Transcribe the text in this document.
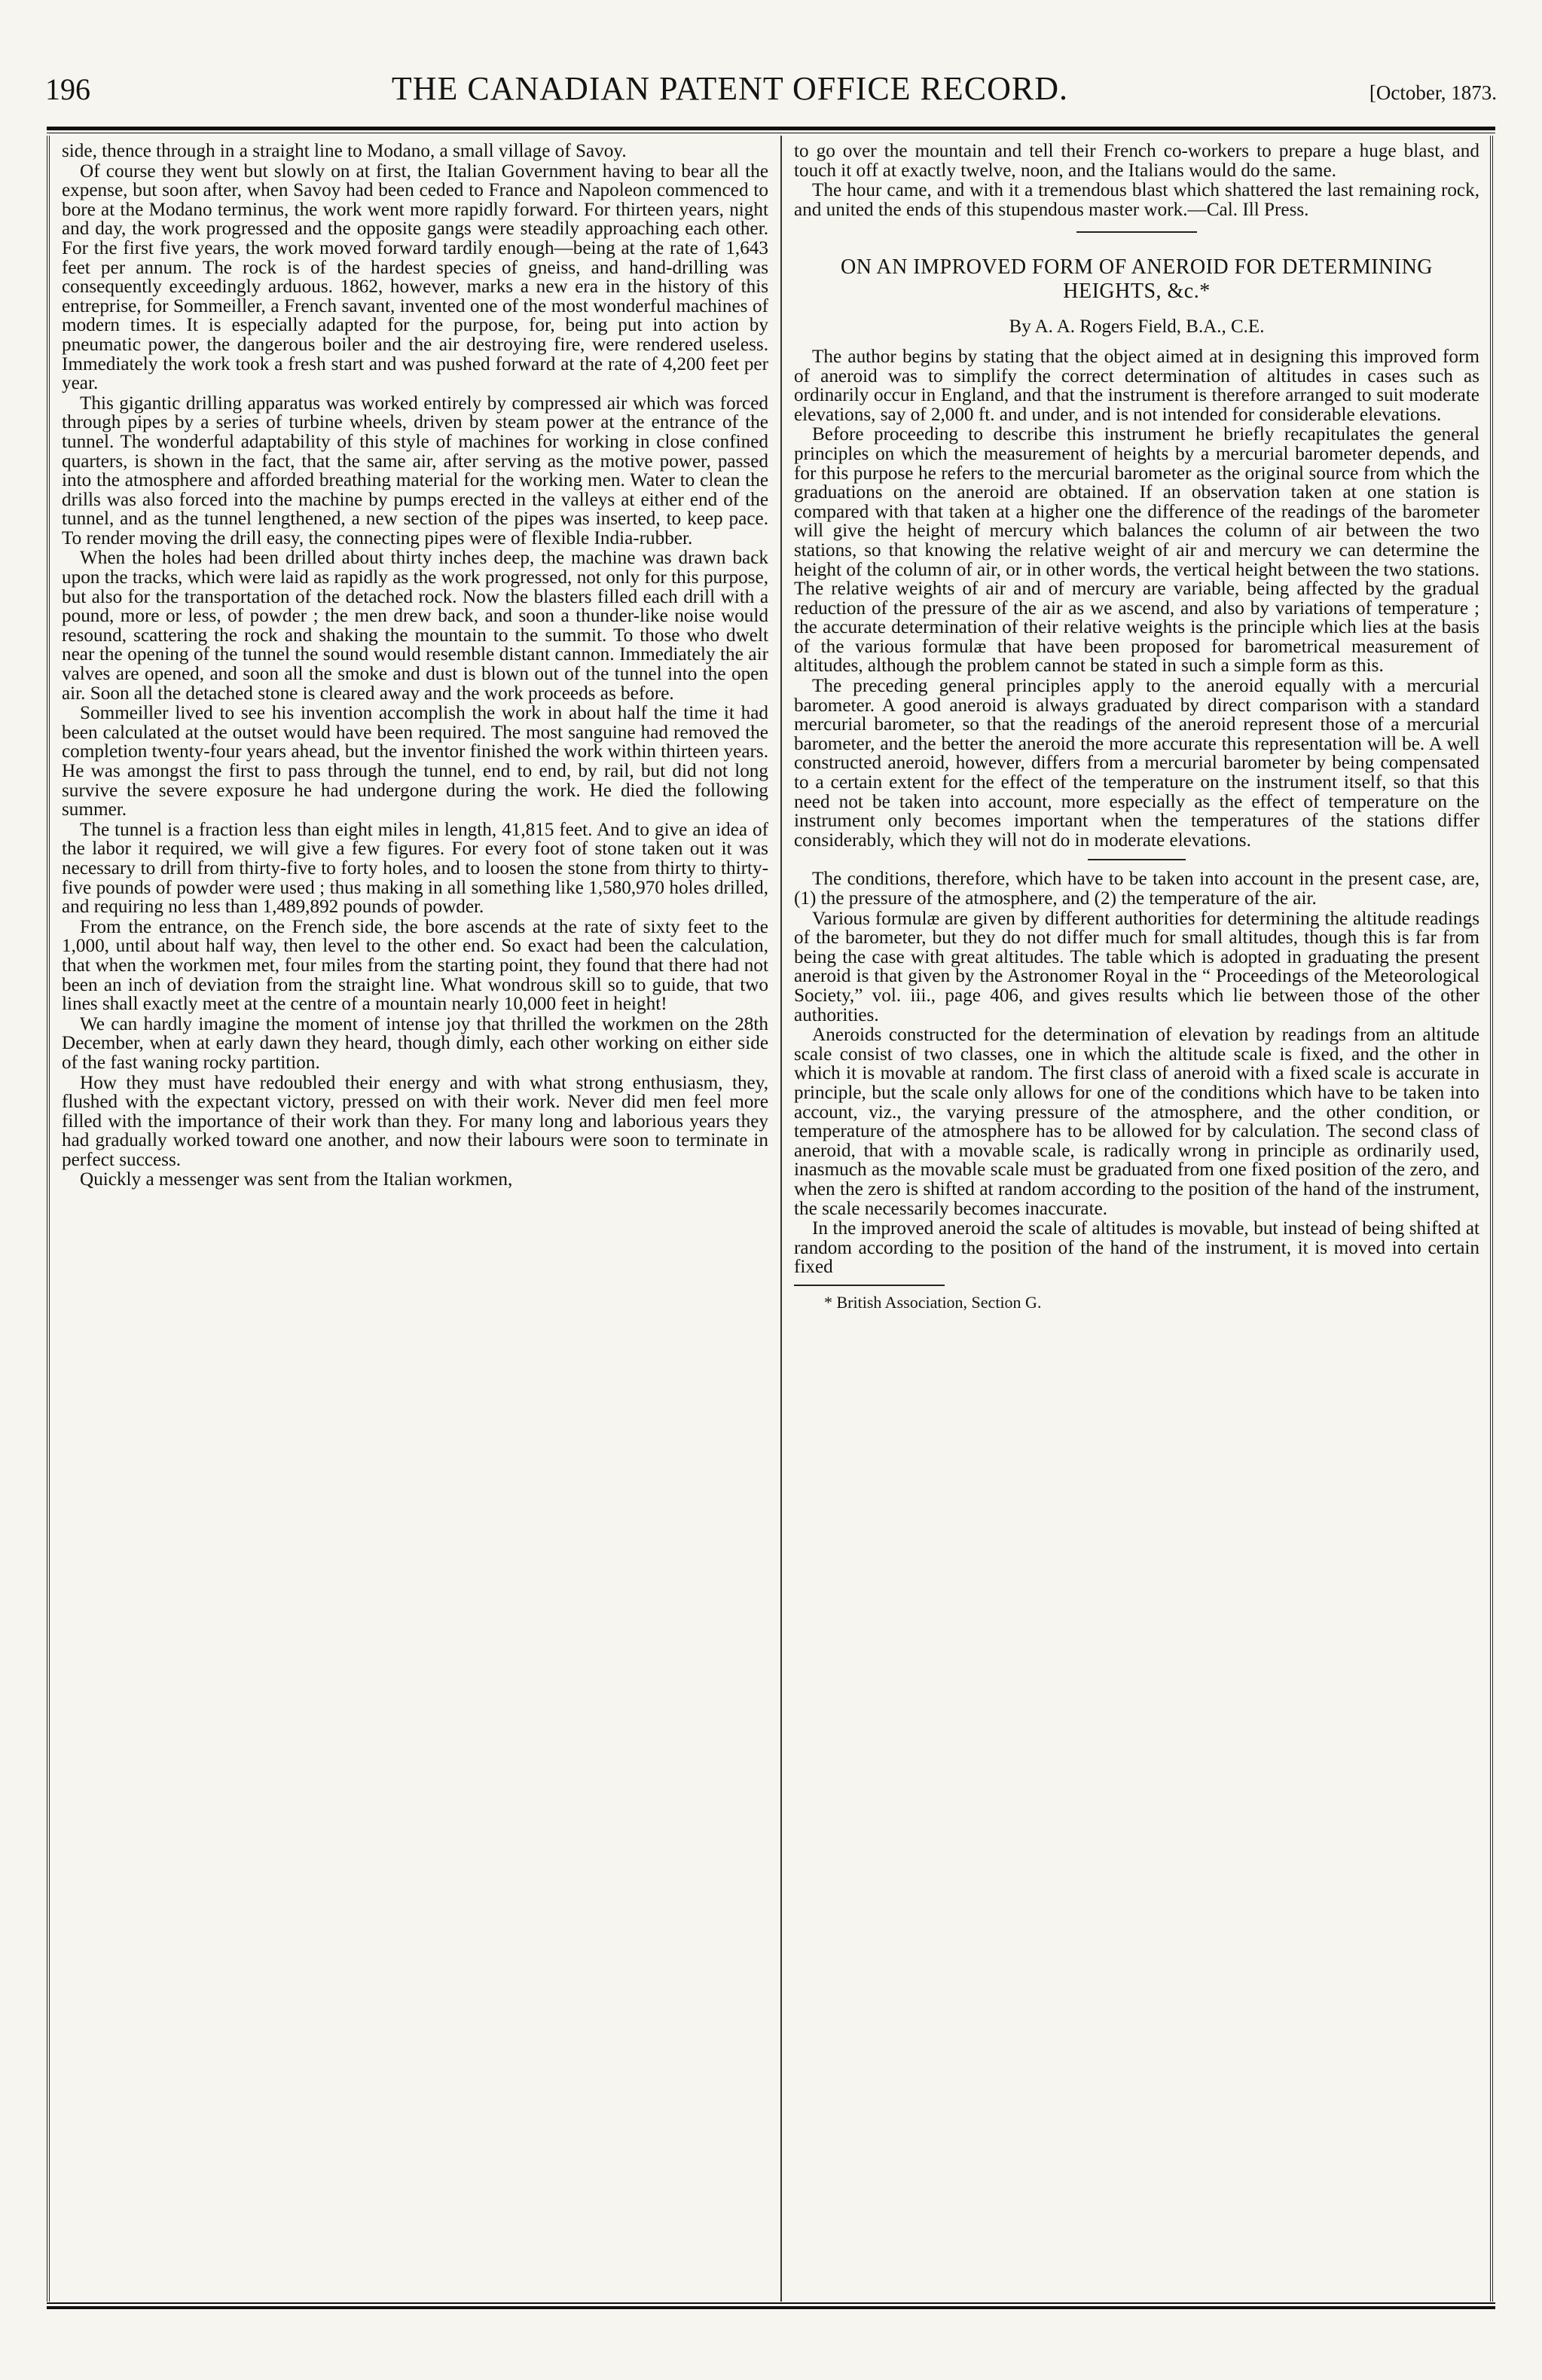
196	THE CANADIAN PATENT OFFICE RECORD.	[October, 1873.

side, thence through in a straight line to Modano, a small village of Savoy.

Of course they went but slowly on at first, the Italian Government having to bear all the expense, but soon after, when Savoy had been ceded to France and Napoleon commenced to bore at the Modano terminus, the work went more rapidly forward. For thirteen years, night and day, the work progressed and the opposite gangs were steadily approaching each other. For the first five years, the work moved forward tardily enough—being at the rate of 1,643 feet per annum. The rock is of the hardest species of gneiss, and hand-drilling was consequently exceedingly arduous. 1862, however, marks a new era in the history of this entreprise, for Sommeiller, a French savant, invented one of the most wonderful machines of modern times. It is especially adapted for the purpose, for, being put into action by pneumatic power, the dangerous boiler and the air destroying fire, were rendered useless. Immediately the work took a fresh start and was pushed forward at the rate of 4,200 feet per year.

This gigantic drilling apparatus was worked entirely by compressed air which was forced through pipes by a series of turbine wheels, driven by steam power at the entrance of the tunnel. The wonderful adaptability of this style of machines for working in close confined quarters, is shown in the fact, that the same air, after serving as the motive power, passed into the atmosphere and afforded breathing material for the working men. Water to clean the drills was also forced into the machine by pumps erected in the valleys at either end of the tunnel, and as the tunnel lengthened, a new section of the pipes was inserted, to keep pace. To render moving the drill easy, the connecting pipes were of flexible India-rubber.

When the holes had been drilled about thirty inches deep, the machine was drawn back upon the tracks, which were laid as rapidly as the work progressed, not only for this purpose, but also for the transportation of the detached rock. Now the blasters filled each drill with a pound, more or less, of powder ; the men drew back, and soon a thunder-like noise would resound, scattering the rock and shaking the mountain to the summit. To those who dwelt near the opening of the tunnel the sound would resemble distant cannon. Immediately the air valves are opened, and soon all the smoke and dust is blown out of the tunnel into the open air. Soon all the detached stone is cleared away and the work proceeds as before.

Sommeiller lived to see his invention accomplish the work in about half the time it had been calculated at the outset would have been required. The most sanguine had removed the completion twenty-four years ahead, but the inventor finished the work within thirteen years. He was amongst the first to pass through the tunnel, end to end, by rail, but did not long survive the severe exposure he had undergone during the work. He died the following summer.

The tunnel is a fraction less than eight miles in length, 41,815 feet. And to give an idea of the labor it required, we will give a few figures. For every foot of stone taken out it was necessary to drill from thirty-five to forty holes, and to loosen the stone from thirty to thirty-five pounds of powder were used ; thus making in all something like 1,580,970 holes drilled, and requiring no less than 1,489,892 pounds of powder.

From the entrance, on the French side, the bore ascends at the rate of sixty feet to the 1,000, until about half way, then level to the other end. So exact had been the calculation, that when the workmen met, four miles from the starting point, they found that there had not been an inch of deviation from the straight line. What wondrous skill so to guide, that two lines shall exactly meet at the centre of a mountain nearly 10,000 feet in height!

We can hardly imagine the moment of intense joy that thrilled the workmen on the 28th December, when at early dawn they heard, though dimly, each other working on either side of the fast waning rocky partition.

How they must have redoubled their energy and with what strong enthusiasm, they, flushed with the expectant victory, pressed on with their work. Never did men feel more filled with the importance of their work than they. For many long and laborious years they had gradually worked toward one another, and now their labours were soon to terminate in perfect success.

Quickly a messenger was sent from the Italian workmen,

to go over the mountain and tell their French co-workers to prepare a huge blast, and touch it off at exactly twelve, noon, and the Italians would do the same.

The hour came, and with it a tremendous blast which shattered the last remaining rock, and united the ends of this stupendous master work.—Cal. Ill Press.

ON AN IMPROVED FORM OF ANEROID FOR DETERMINING HEIGHTS, &c.*
By A. A. Rogers Field, B.A., C.E.

The author begins by stating that the object aimed at in designing this improved form of aneroid was to simplify the correct determination of altitudes in cases such as ordinarily occur in England, and that the instrument is therefore arranged to suit moderate elevations, say of 2,000 ft. and under, and is not intended for considerable elevations.

Before proceeding to describe this instrument he briefly recapitulates the general principles on which the measurement of heights by a mercurial barometer depends, and for this purpose he refers to the mercurial barometer as the original source from which the graduations on the aneroid are obtained. If an observation taken at one station is compared with that taken at a higher one the difference of the readings of the barometer will give the height of mercury which balances the column of air between the two stations, so that knowing the relative weight of air and mercury we can determine the height of the column of air, or in other words, the vertical height between the two stations. The relative weights of air and of mercury are variable, being affected by the gradual reduction of the pressure of the air as we ascend, and also by variations of temperature ; the accurate determination of their relative weights is the principle which lies at the basis of the various formulæ that have been proposed for barometrical measurement of altitudes, although the problem cannot be stated in such a simple form as this.

The preceding general principles apply to the aneroid equally with a mercurial barometer. A good aneroid is always graduated by direct comparison with a standard mercurial barometer, so that the readings of the aneroid represent those of a mercurial barometer, and the better the aneroid the more accurate this representation will be. A well constructed aneroid, however, differs from a mercurial barometer by being compensated to a certain extent for the effect of the temperature on the instrument itself, so that this need not be taken into account, more especially as the effect of temperature on the instrument only becomes important when the temperatures of the stations differ considerably, which they will not do in moderate elevations.

The conditions, therefore, which have to be taken into account in the present case, are, (1) the pressure of the atmosphere, and (2) the temperature of the air.

Various formulæ are given by different authorities for determining the altitude readings of the barometer, but they do not differ much for small altitudes, though this is far from being the case with great altitudes. The table which is adopted in graduating the present aneroid is that given by the Astronomer Royal in the “ Proceedings of the Meteorological Society,” vol. iii., page 406, and gives results which lie between those of the other authorities.

Aneroids constructed for the determination of elevation by readings from an altitude scale consist of two classes, one in which the altitude scale is fixed, and the other in which it is movable at random. The first class of aneroid with a fixed scale is accurate in principle, but the scale only allows for one of the conditions which have to be taken into account, viz., the varying pressure of the atmosphere, and the other condition, or temperature of the atmosphere has to be allowed for by calculation. The second class of aneroid, that with a movable scale, is radically wrong in principle as ordinarily used, inasmuch as the movable scale must be graduated from one fixed position of the zero, and when the zero is shifted at random according to the position of the hand of the instrument, the scale necessarily becomes inaccurate.

In the improved aneroid the scale of altitudes is movable, but instead of being shifted at random according to the position of the hand of the instrument, it is moved into certain fixed

* British Association, Section G.
